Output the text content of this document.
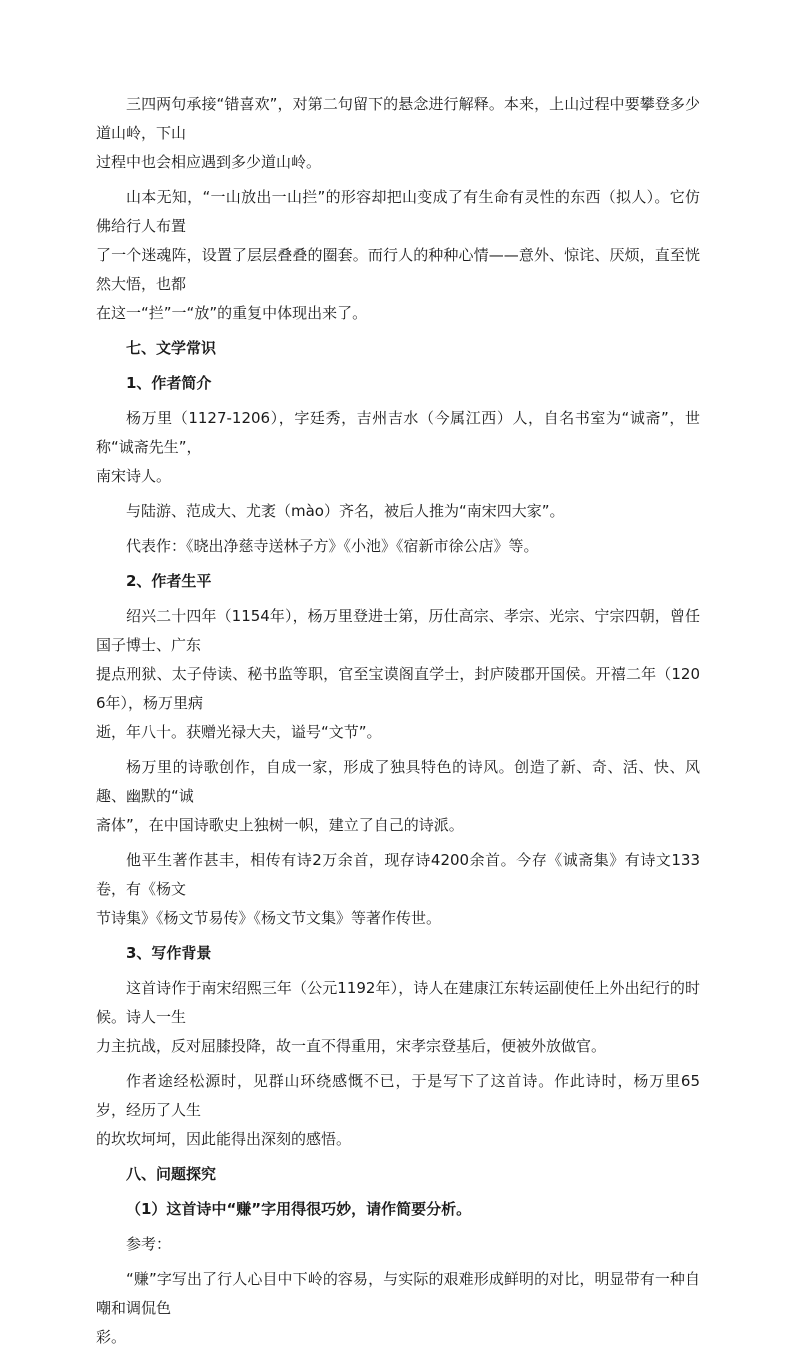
三四两句承接“错喜欢”，对第二句留下的悬念进行解释。本来，上山过程中要攀登多少道山岭，下山
过程中也会相应遇到多少道山岭。
山本无知，“一山放出一山拦”的形容却把山变成了有生命有灵性的东西（拟人）。它仿佛给行人布置
了一个迷魂阵，设置了层层叠叠的圈套。而行人的种种心情——意外、惊诧、厌烦，直至恍然大悟，也都
在这一“拦”一“放”的重复中体现出来了。
七、文学常识
1、作者简介
杨万里（1127-1206），字廷秀，吉州吉水（今属江西）人，自名书室为“诚斋”，世称“诚斋先生”，
南宋诗人。
与陆游、范成大、尤袤（mào）齐名，被后人推为“南宋四大家”。
代表作：《晓出净慈寺送林子方》《小池》《宿新市徐公店》等。
2、作者生平
绍兴二十四年（1154年），杨万里登进士第，历仕高宗、孝宗、光宗、宁宗四朝，曾任国子博士、广东
提点刑狱、太子侍读、秘书监等职，官至宝谟阁直学士，封庐陵郡开国侯。开禧二年（1206年），杨万里病
逝，年八十。获赠光禄大夫，谥号“文节”。
杨万里的诗歌创作，自成一家，形成了独具特色的诗风。创造了新、奇、活、快、风趣、幽默的“诚
斋体”，在中国诗歌史上独树一帜，建立了自己的诗派。
他平生著作甚丰，相传有诗2万余首，现存诗4200余首。今存《诚斋集》有诗文133卷，有《杨文
节诗集》《杨文节易传》《杨文节文集》等著作传世。
3、写作背景
这首诗作于南宋绍熙三年（公元1192年），诗人在建康江东转运副使任上外出纪行的时候。诗人一生
力主抗战，反对屈膝投降，故一直不得重用，宋孝宗登基后，便被外放做官。
作者途经松源时，见群山环绕感慨不已，于是写下了这首诗。作此诗时，杨万里65岁，经历了人生
的坎坎坷坷，因此能得出深刻的感悟。
八、问题探究
（1）这首诗中“赚”字用得很巧妙，请作简要分析。
参考：
“赚”字写出了行人心目中下岭的容易，与实际的艰难形成鲜明的对比，明显带有一种自嘲和调侃色
彩。
